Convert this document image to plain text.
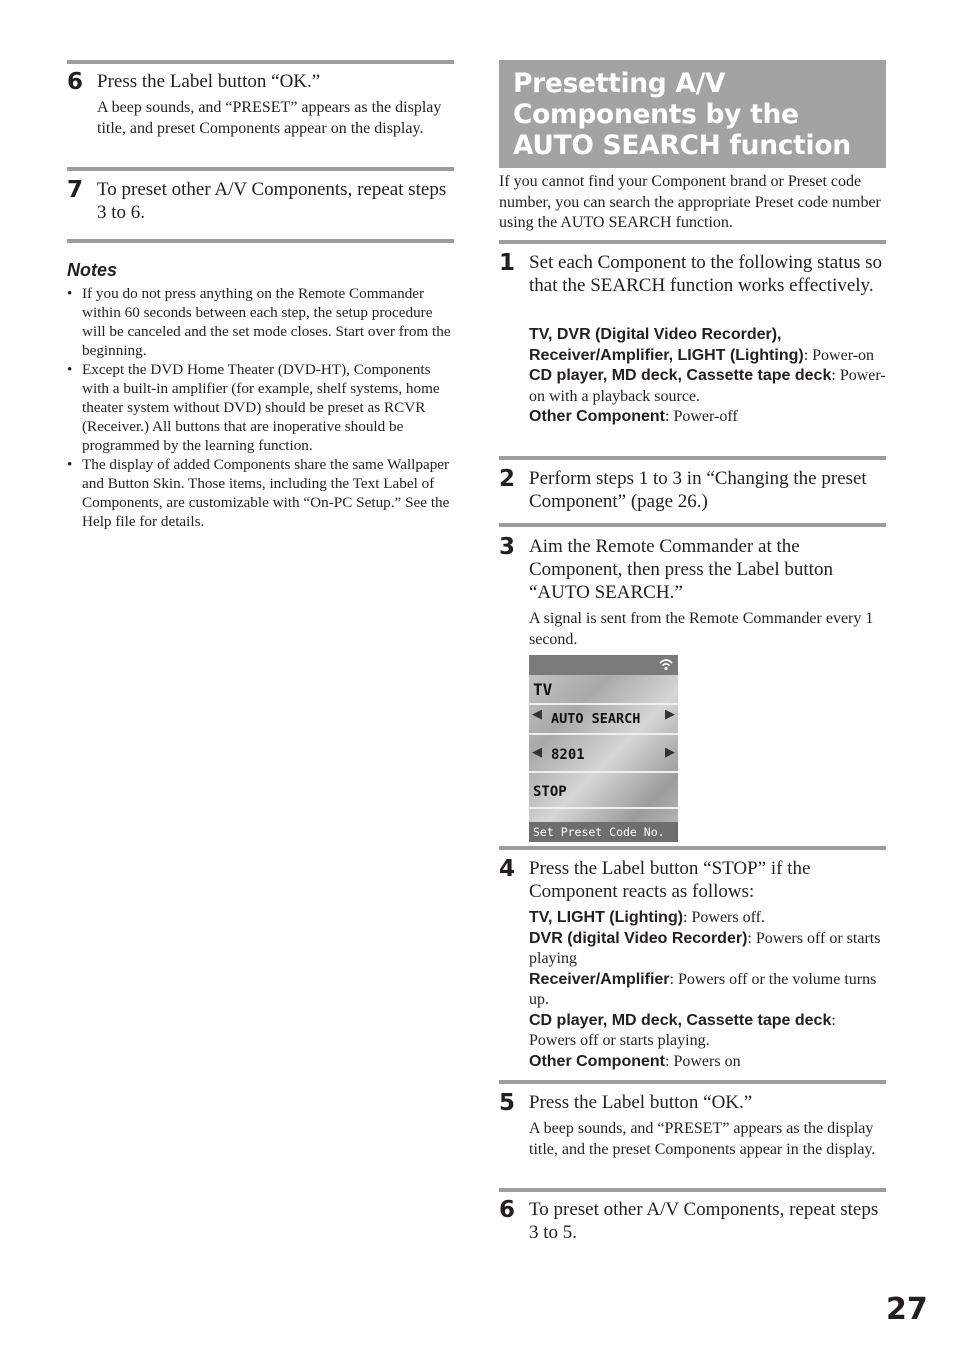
6 Press the Label button “OK.”
A beep sounds, and “PRESET” appears as the display title, and preset Components appear on the display.
7 To preset other A/V Components, repeat steps 3 to 6.
Notes
• If you do not press anything on the Remote Commander within 60 seconds between each step, the setup procedure will be canceled and the set mode closes. Start over from the beginning.
• Except the DVD Home Theater (DVD-HT), Components with a built-in amplifier (for example, shelf systems, home theater system without DVD) should be preset as RCVR (Receiver.) All buttons that are inoperative should be programmed by the learning function.
• The display of added Components share the same Wallpaper and Button Skin. Those items, including the Text Label of Components, are customizable with “On-PC Setup.” See the Help file for details.
Presetting A/V Components by the AUTO SEARCH function
If you cannot find your Component brand or Preset code number, you can search the appropriate Preset code number using the AUTO SEARCH function.
1 Set each Component to the following status so that the SEARCH function works effectively.
TV, DVR (Digital Video Recorder), Receiver/Amplifier, LIGHT (Lighting): Power-on
CD player, MD deck, Cassette tape deck: Power-on with a playback source.
Other Component: Power-off
2 Perform steps 1 to 3 in “Changing the preset Component” (page 26.)
3 Aim the Remote Commander at the Component, then press the Label button “AUTO SEARCH.”
A signal is sent from the Remote Commander every 1 second.
TV
◀ AUTO SEARCH	▶
◀ 8201	▶
STOP
Set Preset Code No.
4 Press the Label button “STOP” if the Component reacts as follows:
TV, LIGHT (Lighting): Powers off.
DVR (digital Video Recorder): Powers off or starts playing
Receiver/Amplifier: Powers off or the volume turns up.
CD player, MD deck, Cassette tape deck: Powers off or starts playing.
Other Component: Powers on
5 Press the Label button “OK.”
A beep sounds, and “PRESET” appears as the display title, and the preset Components appear in the display.
6 To preset other A/V Components, repeat steps 3 to 5.
27
